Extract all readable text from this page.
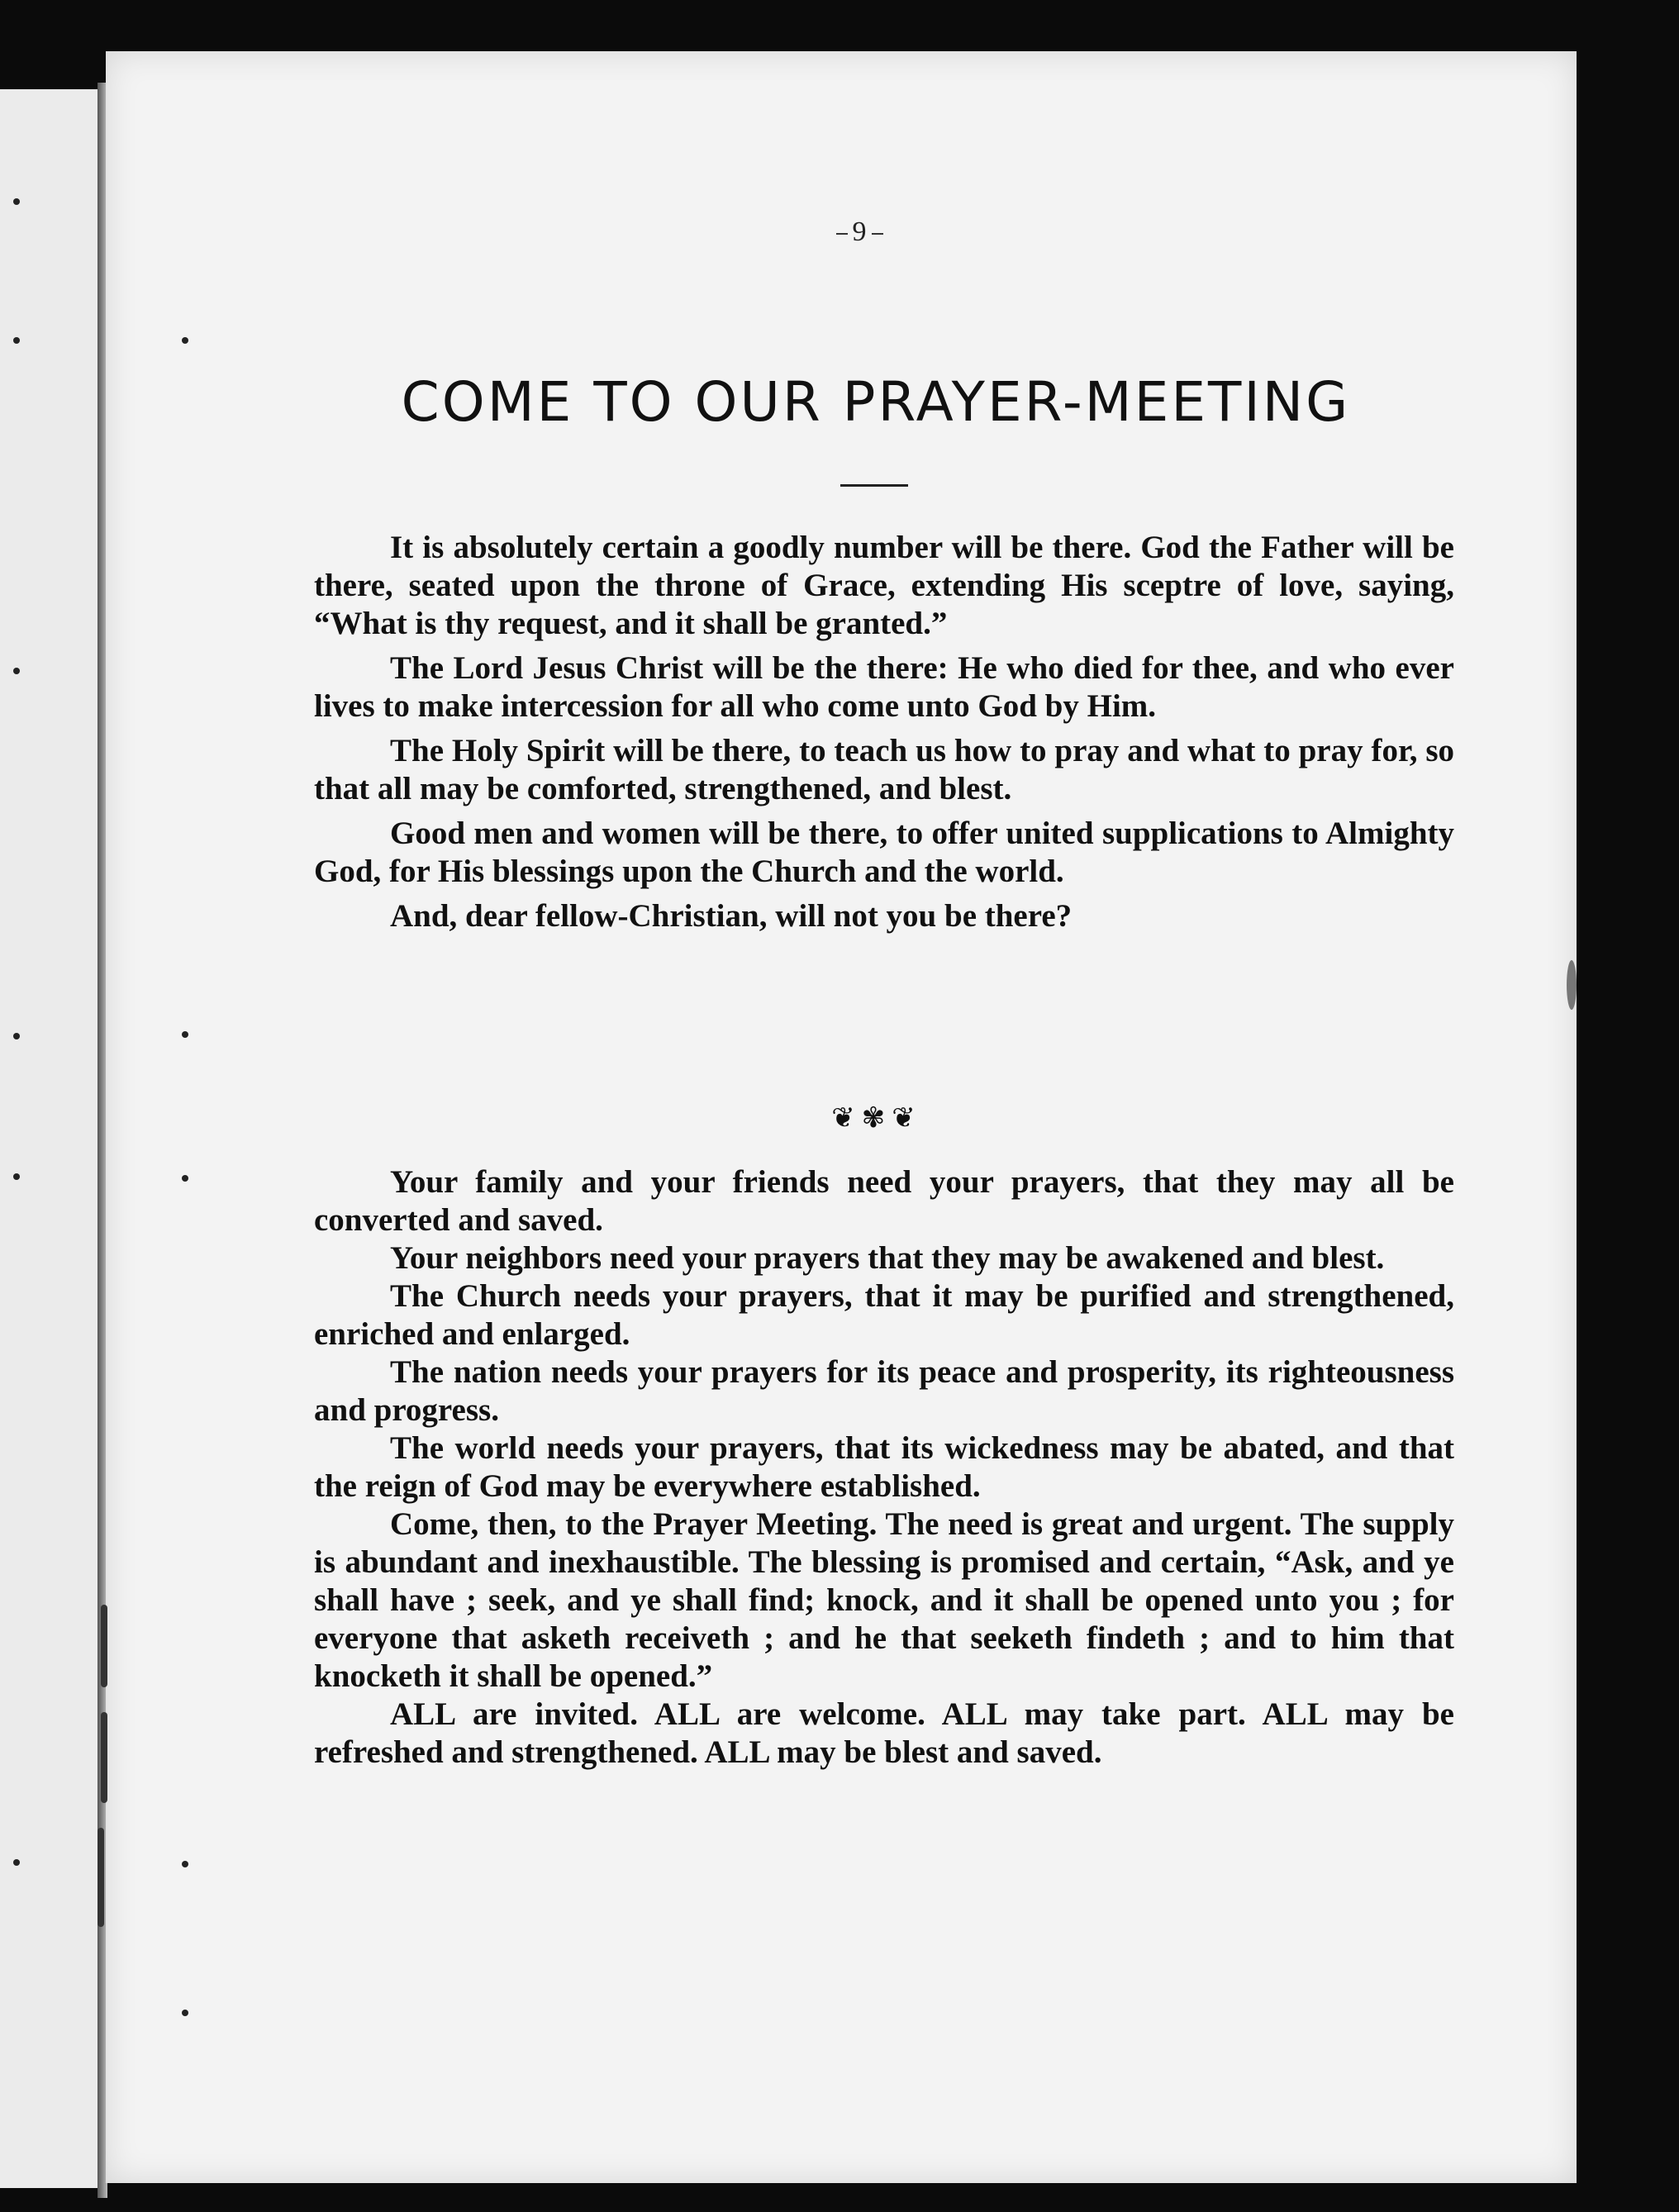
9
COME TO OUR PRAYER-MEETING

It is absolutely certain a goodly number will be there. God the Father will be there, seated upon the throne of Grace, extending His sceptre of love, saying, “What is thy request, and it shall be granted.”

The Lord Jesus Christ will be the there: He who died for thee, and who ever lives to make intercession for all who come unto God by Him.

The Holy Spirit will be there, to teach us how to pray and what to pray for, so that all may be comforted, strengthened, and blest.

Good men and women will be there, to offer united supplications to Almighty God, for His blessings upon the Church and the world.

And, dear fellow-Christian, will not you be there?

❦ ✾ ❦

Your family and your friends need your prayers, that they may all be converted and saved.

Your neighbors need your prayers that they may be awakened and blest.

The Church needs your prayers, that it may be purified and strengthened, enriched and enlarged.

The nation needs your prayers for its peace and prosperity, its righteousness and progress.

The world needs your prayers, that its wickedness may be abated, and that the reign of God may be everywhere established.

Come, then, to the Prayer Meeting. The need is great and urgent. The supply is abundant and inexhaustible. The blessing is promised and certain, “Ask, and ye shall have ; seek, and ye shall find; knock, and it shall be opened unto you ; for everyone that asketh receiveth ; and he that seeketh findeth ; and to him that knocketh it shall be opened.”

ALL are invited. ALL are welcome. ALL may take part. ALL may be refreshed and strengthened. ALL may be blest and saved.
